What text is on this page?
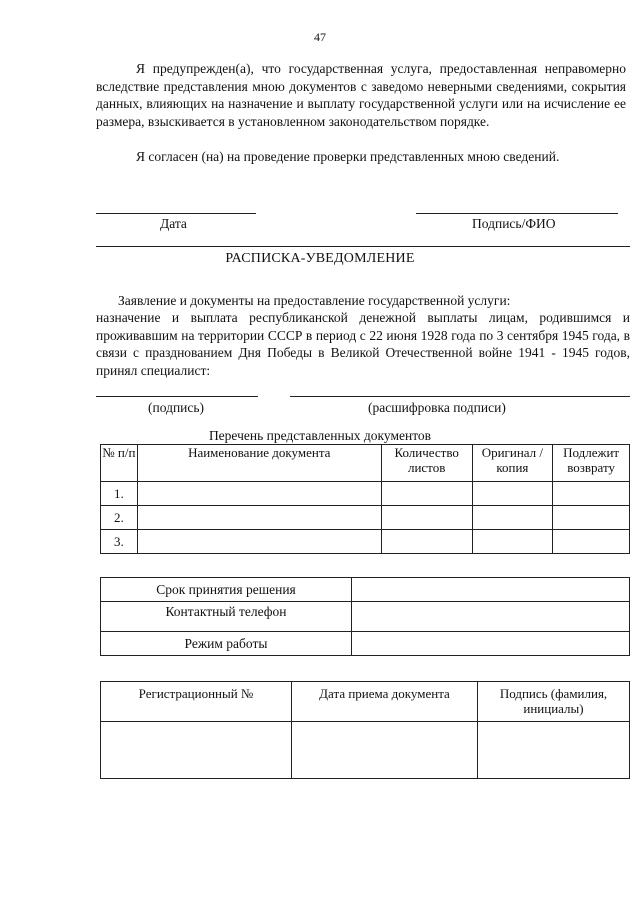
47
Я предупрежден(а), что государственная услуга, предоставленная неправомерно вследствие представления мною документов с заведомо неверными сведениями, сокрытия данных, влияющих на назначение и выплату государственной услуги или на исчисление ее размера, взыскивается в установленном законодательством порядке.
Я согласен (на) на проведение проверки представленных мною сведений.
Дата	Подпись/ФИО
РАСПИСКА-УВЕДОМЛЕНИЕ
Заявление и документы на предоставление государственной услуги:
назначение и выплата республиканской денежной выплаты лицам, родившимся и проживавшим на территории СССР в период с 22 июня 1928 года по 3 сентября 1945 года, в связи с празднованием Дня Победы в Великой Отечественной войне 1941 - 1945 годов, принял специалист:
(подпись)	(расшифровка подписи)
Перечень представленных документов
№ п/п	Наименование документа	Количество листов	Оригинал /копия	Подлежит возврату
1.				
2.				
3.				
Срок принятия решения	
Контактный телефон	
Режим работы	
Регистрационный №	Дата приема документа	Подпись (фамилия, инициалы)
